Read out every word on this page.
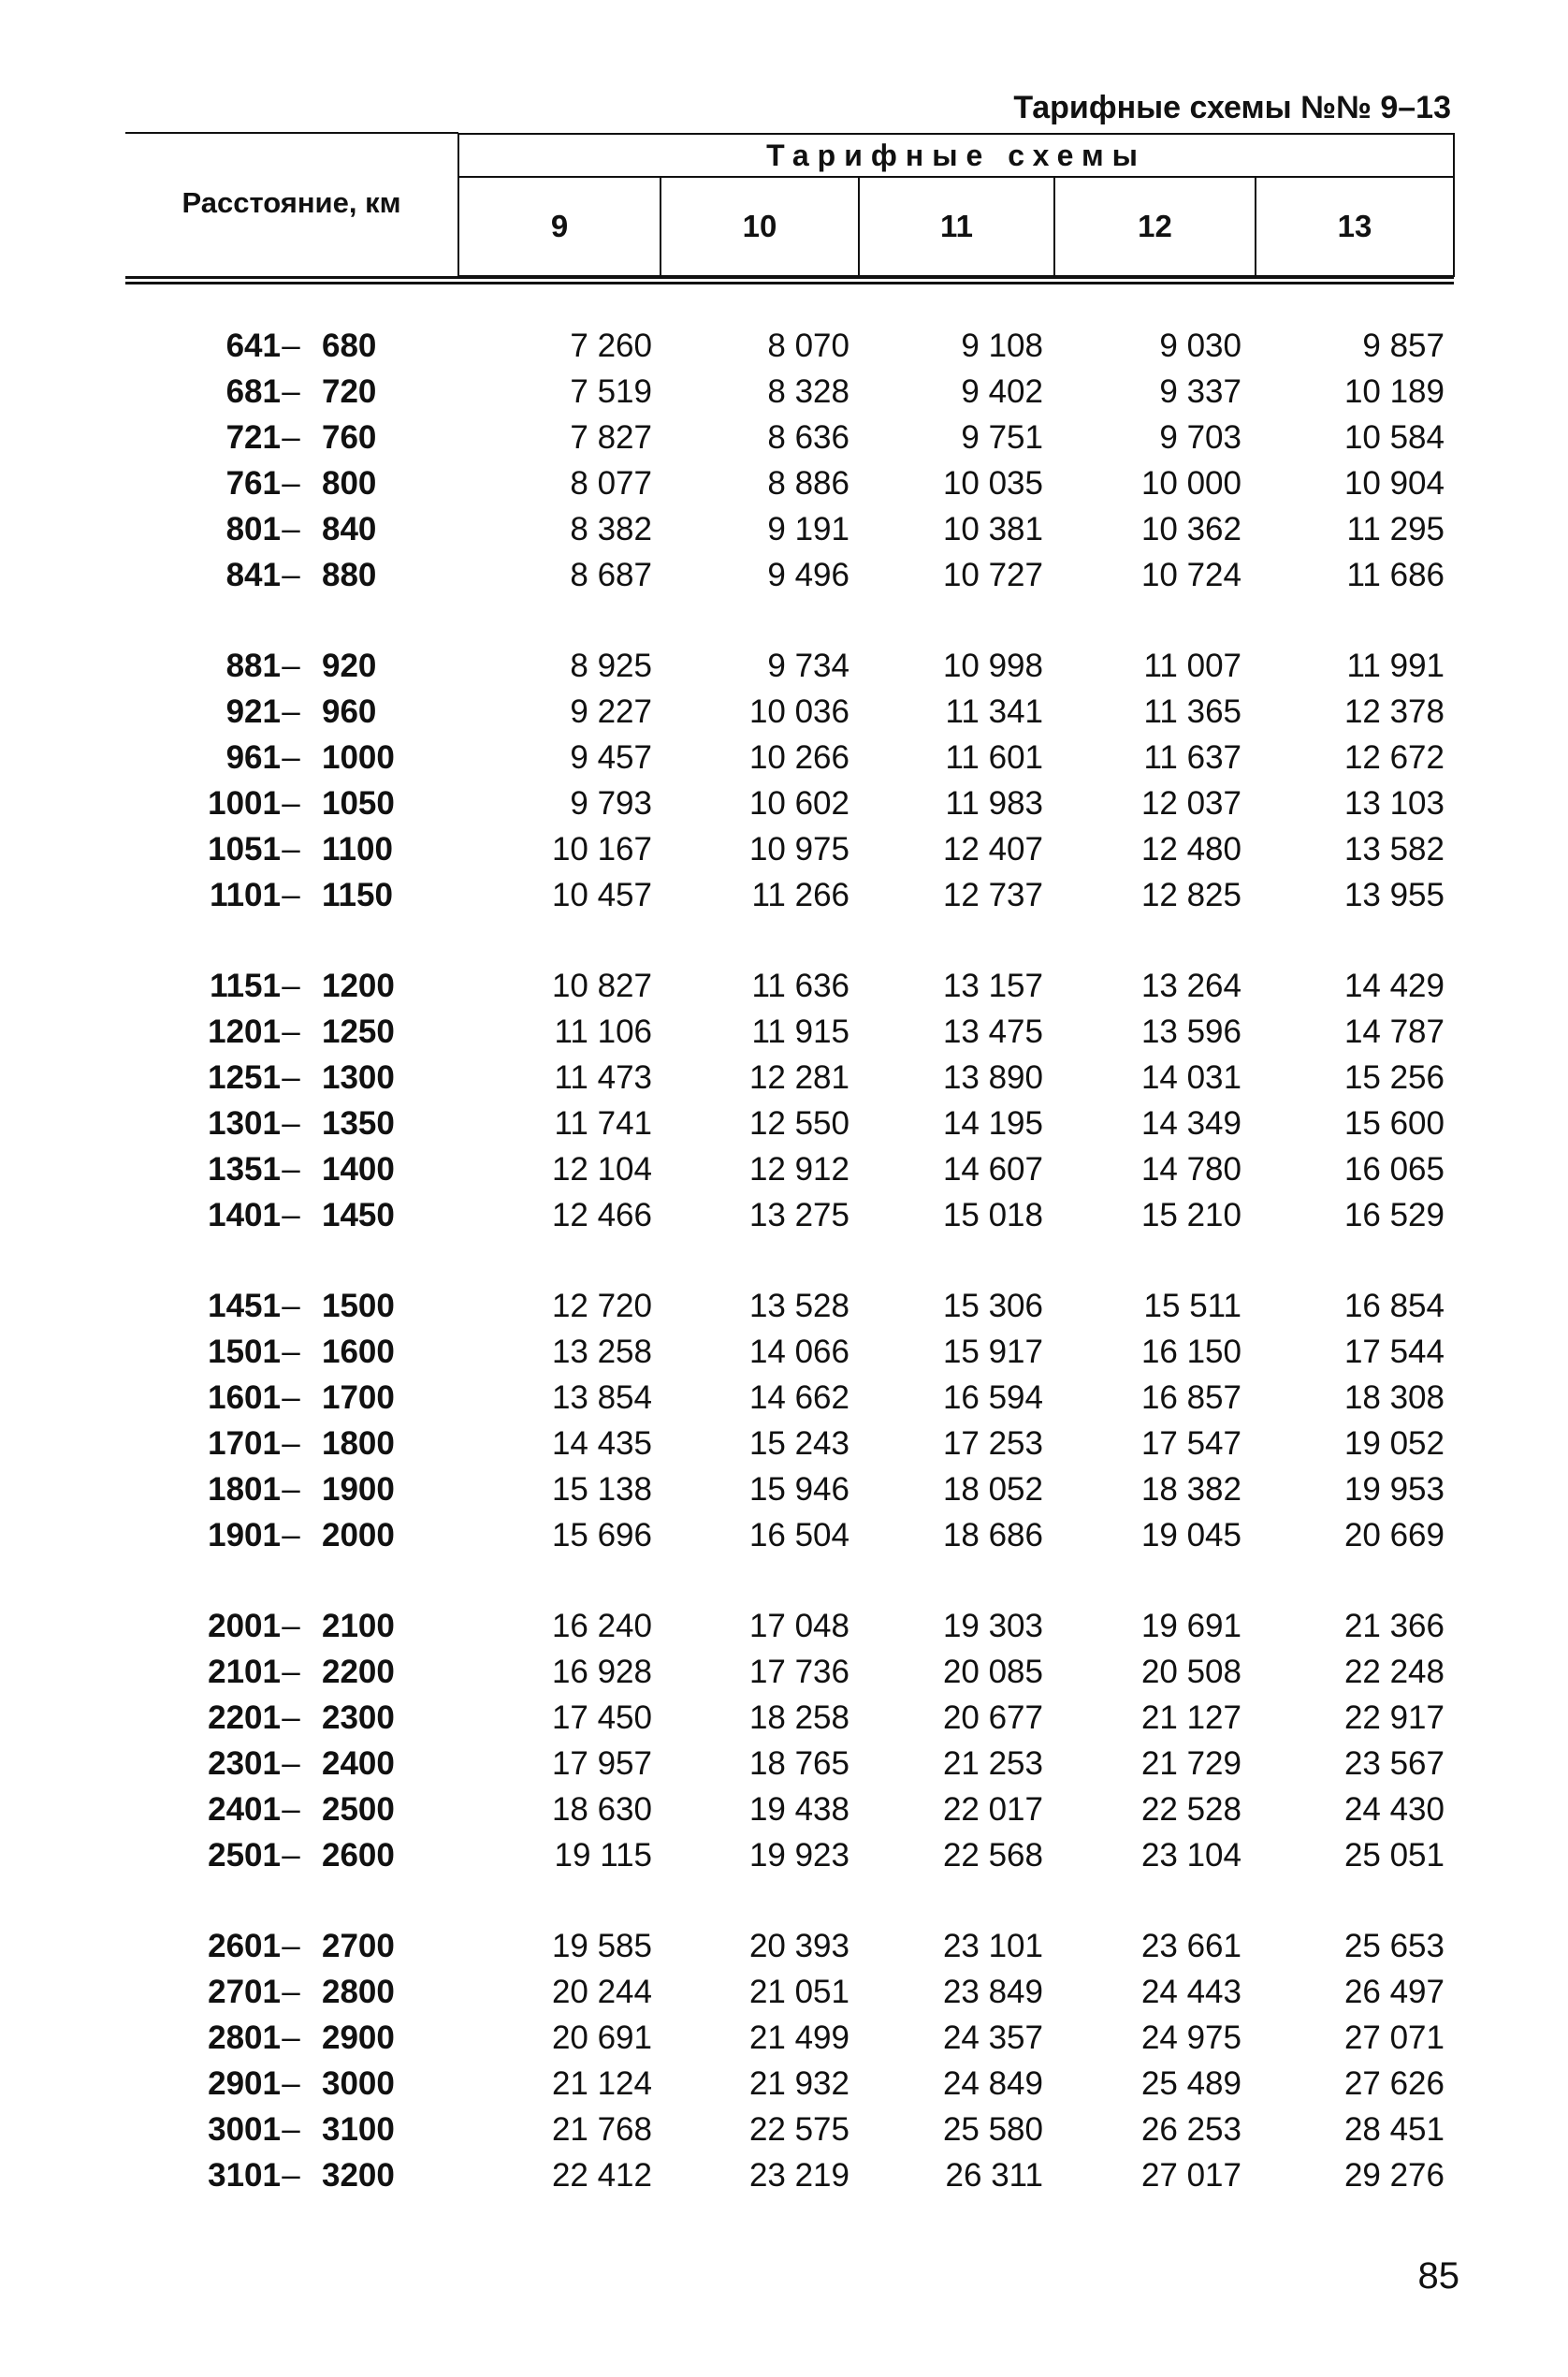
Тарифные схемы №№ 9–13
Расстояние, км	Тарифные схемы				
	9	10	11	12	13
641 – 680	7 260	8 070	9 108	9 030	9 857
681 – 720	7 519	8 328	9 402	9 337	10 189
721 – 760	7 827	8 636	9 751	9 703	10 584
761 – 800	8 077	8 886	10 035	10 000	10 904
801 – 840	8 382	9 191	10 381	10 362	11 295
841 – 880	8 687	9 496	10 727	10 724	11 686
881 – 920	8 925	9 734	10 998	11 007	11 991
921 – 960	9 227	10 036	11 341	11 365	12 378
961 – 1000	9 457	10 266	11 601	11 637	12 672
1001 – 1050	9 793	10 602	11 983	12 037	13 103
1051 – 1100	10 167	10 975	12 407	12 480	13 582
1101 – 1150	10 457	11 266	12 737	12 825	13 955
1151 – 1200	10 827	11 636	13 157	13 264	14 429
1201 – 1250	11 106	11 915	13 475	13 596	14 787
1251 – 1300	11 473	12 281	13 890	14 031	15 256
1301 – 1350	11 741	12 550	14 195	14 349	15 600
1351 – 1400	12 104	12 912	14 607	14 780	16 065
1401 – 1450	12 466	13 275	15 018	15 210	16 529
1451 – 1500	12 720	13 528	15 306	15 511	16 854
1501 – 1600	13 258	14 066	15 917	16 150	17 544
1601 – 1700	13 854	14 662	16 594	16 857	18 308
1701 – 1800	14 435	15 243	17 253	17 547	19 052
1801 – 1900	15 138	15 946	18 052	18 382	19 953
1901 – 2000	15 696	16 504	18 686	19 045	20 669
2001 – 2100	16 240	17 048	19 303	19 691	21 366
2101 – 2200	16 928	17 736	20 085	20 508	22 248
2201 – 2300	17 450	18 258	20 677	21 127	22 917
2301 – 2400	17 957	18 765	21 253	21 729	23 567
2401 – 2500	18 630	19 438	22 017	22 528	24 430
2501 – 2600	19 115	19 923	22 568	23 104	25 051
2601 – 2700	19 585	20 393	23 101	23 661	25 653
2701 – 2800	20 244	21 051	23 849	24 443	26 497
2801 – 2900	20 691	21 499	24 357	24 975	27 071
2901 – 3000	21 124	21 932	24 849	25 489	27 626
3001 – 3100	21 768	22 575	25 580	26 253	28 451
3101 – 3200	22 412	23 219	26 311	27 017	29 276
85
